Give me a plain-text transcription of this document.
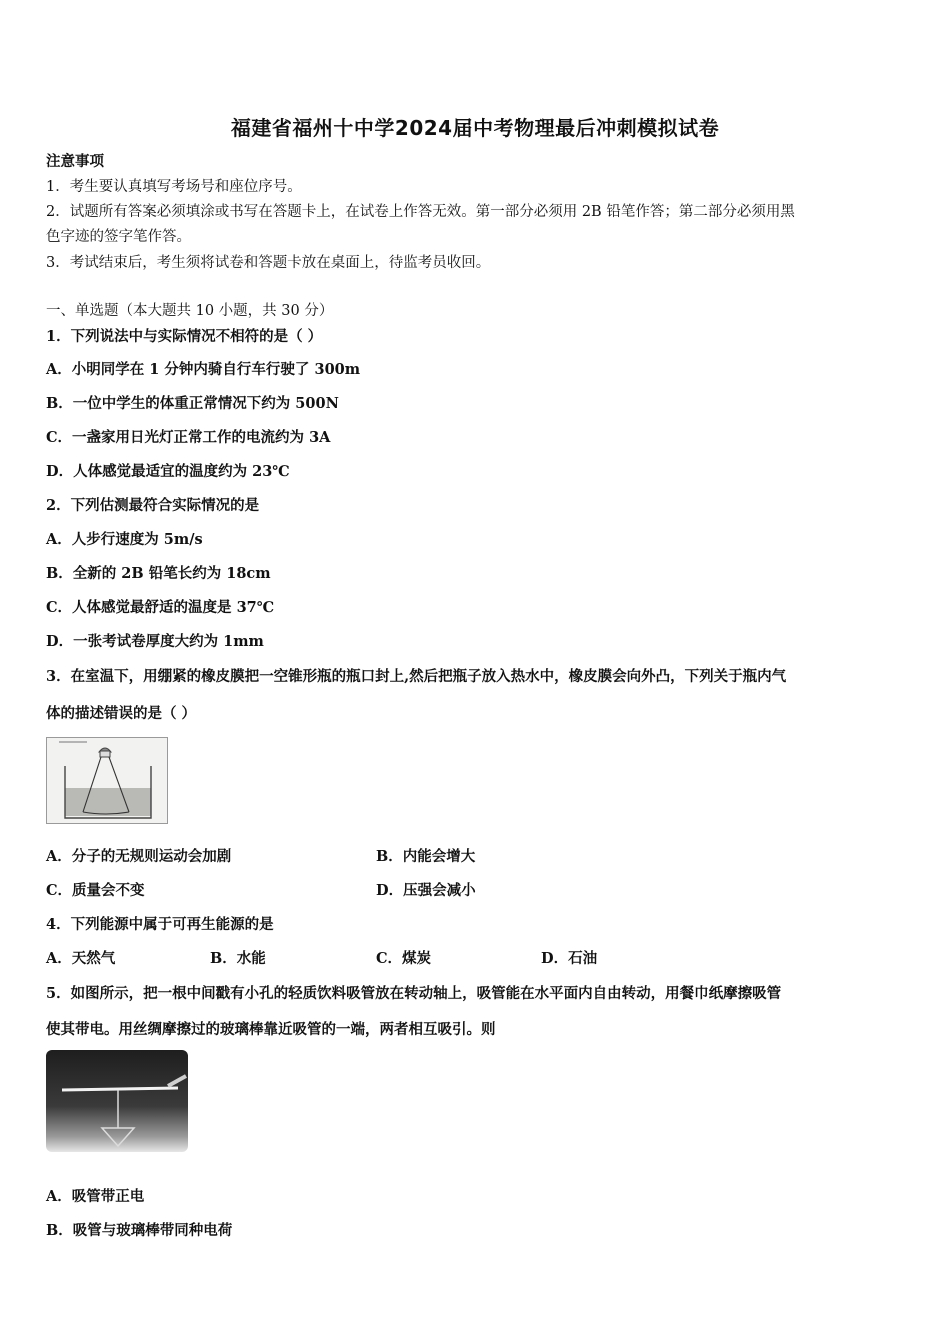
福建省福州十中学2024届中考物理最后冲刺模拟试卷
注意事项
1．考生要认真填写考场号和座位序号。
2．试题所有答案必须填涂或书写在答题卡上，在试卷上作答无效。第一部分必须用 2B 铅笔作答；第二部分必须用黑
色字迹的签字笔作答。
3．考试结束后，考生须将试卷和答题卡放在桌面上，待监考员收回。
一、单选题（本大题共 10 小题，共 30 分）
1．下列说法中与实际情况不相符的是（ ）
A．小明同学在 1 分钟内骑自行车行驶了 300m
B．一位中学生的体重正常情况下约为 500N
C．一盏家用日光灯正常工作的电流约为 3A
D．人体感觉最适宜的温度约为 23℃
2．下列估测最符合实际情况的是
A．人步行速度为 5m/s
B．全新的 2B 铅笔长约为 18cm
C．人体感觉最舒适的温度是 37℃
D．一张考试卷厚度大约为 1mm
3．在室温下，用绷紧的橡皮膜把一空锥形瓶的瓶口封上,然后把瓶子放入热水中，橡皮膜会向外凸，下列关于瓶内气
体的描述错误的是（ ）
A．分子的无规则运动会加剧	B．内能会增大
C．质量会不变	D．压强会减小
4．下列能源中属于可再生能源的是
A．天然气	B．水能	C．煤炭	D．石油
5．如图所示，把一根中间戳有小孔的轻质饮料吸管放在转动轴上，吸管能在水平面内自由转动，用餐巾纸摩擦吸管
使其带电。用丝绸摩擦过的玻璃棒靠近吸管的一端，两者相互吸引。则
A．吸管带正电
B．吸管与玻璃棒带同种电荷
